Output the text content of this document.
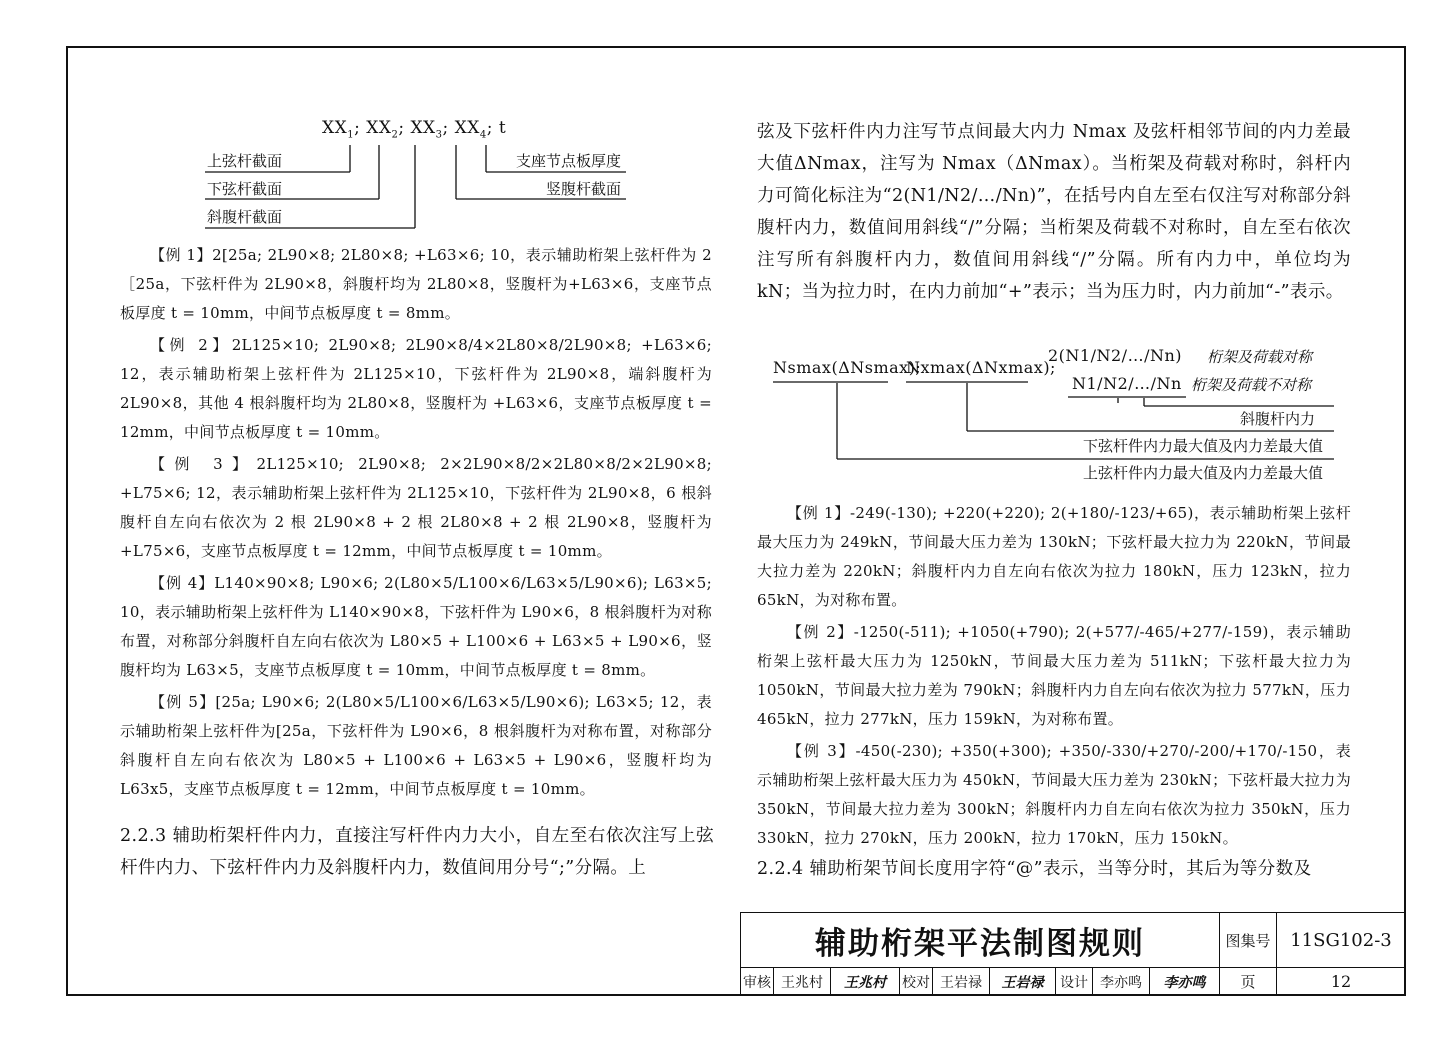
$XX_1$; $XX_2$; $XX_3$; $XX_4$; t
上弦杆截面
下弦杆截面
斜腹杆截面
支座节点板厚度
竖腹杆截面

【例 1】2[25a; 2L90×8; 2L80×8; +L63×6; 10，表示辅助桁架上弦杆件为 2［25a，下弦杆件为 2L90×8，斜腹杆均为 2L80×8，竖腹杆为+L63×6，支座节点板厚度 t = 10mm，中间节点板厚度 t = 8mm。

【例 2】2L125×10; 2L90×8; 2L90×8/4×2L80×8/2L90×8; +L63×6; 12，表示辅助桁架上弦杆件为 2L125×10，下弦杆件为 2L90×8，端斜腹杆为 2L90×8，其他 4 根斜腹杆均为 2L80×8，竖腹杆为 +L63×6，支座节点板厚度 t = 12mm，中间节点板厚度 t = 10mm。

【例 3】2L125×10; 2L90×8; 2×2L90×8/2×2L80×8/2×2L90×8; +L75×6; 12，表示辅助桁架上弦杆件为 2L125×10，下弦杆件为 2L90×8，6 根斜腹杆自左向右依次为 2 根 2L90×8 + 2 根 2L80×8 + 2 根 2L90×8，竖腹杆为 +L75×6，支座节点板厚度 t = 12mm，中间节点板厚度 t = 10mm。

【例 4】L140×90×8; L90×6; 2(L80×5/L100×6/L63×5/L90×6); L63×5; 10，表示辅助桁架上弦杆件为 L140×90×8，下弦杆件为 L90×6，8 根斜腹杆为对称布置，对称部分斜腹杆自左向右依次为 L80×5 + L100×6 + L63×5 + L90×6，竖腹杆均为 L63×5，支座节点板厚度 t = 10mm，中间节点板厚度 t = 8mm。

【例 5】[25a; L90×6; 2(L80×5/L100×6/L63×5/L90×6); L63×5; 12，表示辅助桁架上弦杆件为[25a，下弦杆件为 L90×6，8 根斜腹杆为对称布置，对称部分斜腹杆自左向右依次为 L80×5 + L100×6 + L63×5 + L90×6，竖腹杆均为 L63x5，支座节点板厚度 t = 12mm，中间节点板厚度 t = 10mm。

2.2.3 辅助桁架杆件内力，直接注写杆件内力大小，自左至右依次注写上弦杆件内力、下弦杆件内力及斜腹杆内力，数值间用分号“;”分隔。上

弦及下弦杆件内力注写节点间最大内力 Nmax 及弦杆相邻节间的内力差最大值ΔNmax，注写为 Nmax（ΔNmax）。当桁架及荷载对称时，斜杆内力可简化标注为“2(N1/N2/…/Nn)”，在括号内自左至右仅注写对称部分斜腹杆内力，数值间用斜线“/”分隔；当桁架及荷载不对称时，自左至右依次注写所有斜腹杆内力，数值间用斜线“/”分隔。所有内力中，单位均为 kN；当为拉力时，在内力前加“+”表示；当为压力时，内力前加“-”表示。

Nsmax(ΔNsmax);
Nxmax(ΔNxmax);
2(N1/N2/…/Nn)
N1/N2/…/Nn
桁架及荷载对称
桁架及荷载不对称
斜腹杆内力
下弦杆件内力最大值及内力差最大值
上弦杆件内力最大值及内力差最大值

【例 1】-249(-130); +220(+220); 2(+180/-123/+65)，表示辅助桁架上弦杆最大压力为 249kN，节间最大压力差为 130kN；下弦杆最大拉力为 220kN，节间最大拉力差为 220kN；斜腹杆内力自左向右依次为拉力 180kN，压力 123kN，拉力 65kN，为对称布置。

【例 2】-1250(-511); +1050(+790); 2(+577/-465/+277/-159)，表示辅助桁架上弦杆最大压力为 1250kN，节间最大压力差为 511kN；下弦杆最大拉力为 1050kN，节间最大拉力差为 790kN；斜腹杆内力自左向右依次为拉力 577kN，压力 465kN，拉力 277kN，压力 159kN，为对称布置。

【例 3】-450(-230); +350(+300); +350/-330/+270/-200/+170/-150，表示辅助桁架上弦杆最大压力为 450kN，节间最大压力差为 230kN；下弦杆最大拉力为 350kN，节间最大拉力差为 300kN；斜腹杆内力自左向右依次为拉力 350kN，压力 330kN，拉力 270kN，压力 200kN，拉力 170kN，压力 150kN。

2.2.4 辅助桁架节间长度用字符“@”表示，当等分时，其后为等分数及

辅助桁架平法制图规则	图集号	11SG102-3
审核 王兆村	王兆村	校对 王岩禄	王岩禄	设计 李亦鸣	李亦鸣	页	12
